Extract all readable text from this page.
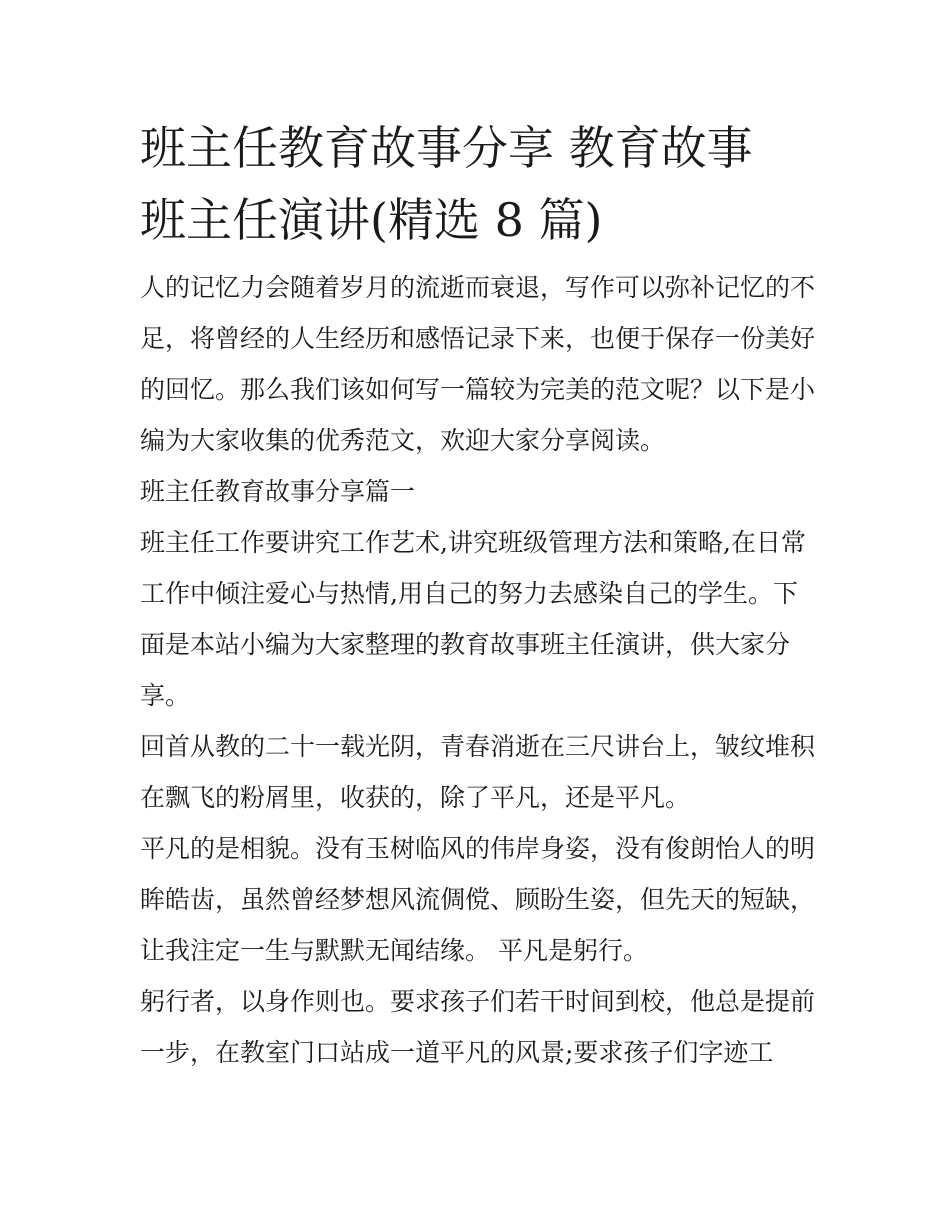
班主任教育故事分享 教育故事
班主任演讲(精选 8 篇)

人的记忆力会随着岁月的流逝而衰退，写作可以弥补记忆的不
足，将曾经的人生经历和感悟记录下来，也便于保存一份美好
的回忆。那么我们该如何写一篇较为完美的范文呢？以下是小
编为大家收集的优秀范文，欢迎大家分享阅读。

班主任教育故事分享篇一

班主任工作要讲究工作艺术,讲究班级管理方法和策略,在日常
工作中倾注爱心与热情,用自己的努力去感染自己的学生。下
面是本站小编为大家整理的教育故事班主任演讲，供大家分
享。

回首从教的二十一载光阴，青春消逝在三尺讲台上，皱纹堆积
在飘飞的粉屑里，收获的，除了平凡，还是平凡。

平凡的是相貌。没有玉树临风的伟岸身姿，没有俊朗怡人的明
眸皓齿，虽然曾经梦想风流倜傥、顾盼生姿，但先天的短缺，
让我注定一生与默默无闻结缘。 平凡是躬行。

躬行者，以身作则也。要求孩子们若干时间到校，他总是提前
一步，在教室门口站成一道平凡的风景;要求孩子们字迹工
